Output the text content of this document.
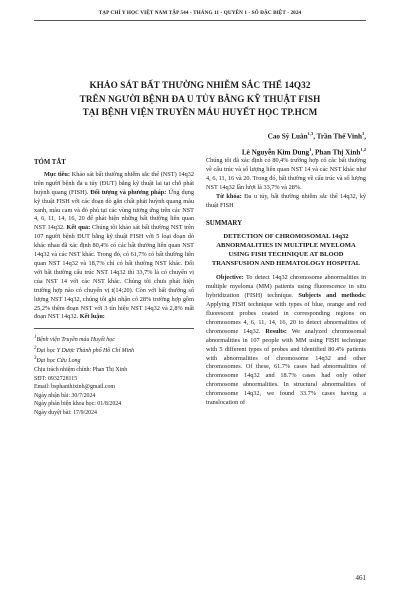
TẠP CHÍ Y HỌC VIỆT NAM TẬP 544 - THÁNG 11 - QUYỂN 1 - SỐ ĐẶC BIỆT - 2024
KHẢO SÁT BẤT THƯỜNG NHIỄM SẮC THỂ 14Q32
TRÊN NGƯỜI BỆNH ĐA U TỦY BẰNG KỸ THUẬT FISH
TẠI BỆNH VIỆN TRUYỀN MÁU HUYẾT HỌC TP.HCM
Cao Sỹ Luân$^{1,3}$, Trần Thế Vinh$^1$,
Lê Nguyễn Kim Dung$^1$, Phan Thị Xinh$^{1,2}$
TÓM TẮT

Mục tiêu: Khảo sát bất thường nhiễm sắc thể (NST) 14q32 trên người bệnh đa u tủy (ĐUT) bằng kỹ thuật lai tại chỗ phát huỳnh quang (FISH). Đối tượng và phương pháp: Ứng dụng kỹ thuật FISH với các đoạn dò gắn chất phát huỳnh quang màu xanh, màu cam và đỏ phủ tại các vùng tương ứng trên các NST 4, 6, 11, 14, 16, 20 để phát hiện những bất thường liên quan NST 14q32. Kết quả: Chúng tôi khảo sát bất thường NST trên 107 người bệnh ĐUT bằng kỹ thuật FISH với 5 loại đoạn dò khác nhau đã xác định 80,4% có các bất thường liên quan NST 14q32 và các NST khác. Trong đó, có 61,7% có bất thường liên quan NST 14q32 và 18,7% chỉ có bất thường NST khác. Đối với bất thường cấu trúc NST 14q32 thì 33,7% là có chuyển vị của NST 14 với các NST khác. Chúng tôi chưa phát hiện trường hợp nào có chuyển vị t(14;20). Còn với bất thường số lượng NST 14q32, chúng tôi ghi nhận có 28% trường hợp gồm 25,2% thêm đoạn NST với 3 tín hiệu NST 14q32 và 2,8% mất đoạn NST 14q32. Kết luận:

$^1$Bệnh viện Truyền máu Huyết học
$^2$Đại học Y Dược Thành phố Hồ Chí Minh
$^3$Đại học Cửu Long
Chịu trách nhiệm chính: Phan Thị Xinh
SĐT: 0932728115
Email: bsphanthixinh@gmail.com
Ngày nhận bài: 30/7/2024
Ngày phản biện khoa học: 01/8/2024
Ngày duyệt bài: 17/9/2024

Chúng tôi đã xác định có 80,4% trường hợp có các bất thường về cấu trúc và số lượng liên quan NST 14 và các NST khác như 4, 6, 11, 16 và 20. Trong đó, bất thường về cấu trúc và số lượng NST 14q32 lần lượt là 33,7% và 28%.

Từ khóa: Đa u tủy, bất thường nhiễm sắc thể 14q32, kỹ thuật FISH

SUMMARY
DETECTION OF CHROMOSOMAL 14q32 ABNORMALITIES IN MULTIPLE MYELOMA USING FISH TECHNIQUE AT BLOOD TRANSFUSION AND HEMATOLOGY HOSPITAL

Objective: To detect 14q32 chromosome abnormalities in multiple myeloma (MM) patients using fluorescence in situ hybridization (FISH) technique. Subjects and methods: Applying FISH technique with types of blue, orange and red fluorescent probes coated in corresponding regions on chromosomes 4, 6, 11, 14, 16, 20 to detect abnormalities of chromosome 14q32. Results: We analyzed chromosomal abnormalities in 107 people with MM using FISH technique with 5 different types of probes and identified 80.4% patients with abnormalities of chromosome 14q32 and other chromosomes. Of these, 61.7% cases had abnormalities of chromosome 14q32 and 18.7% cases had only other chromosome abnormalities. In structural abnormalities of chromosome 14q32, we found 33.7% cases having a translocation of

461
